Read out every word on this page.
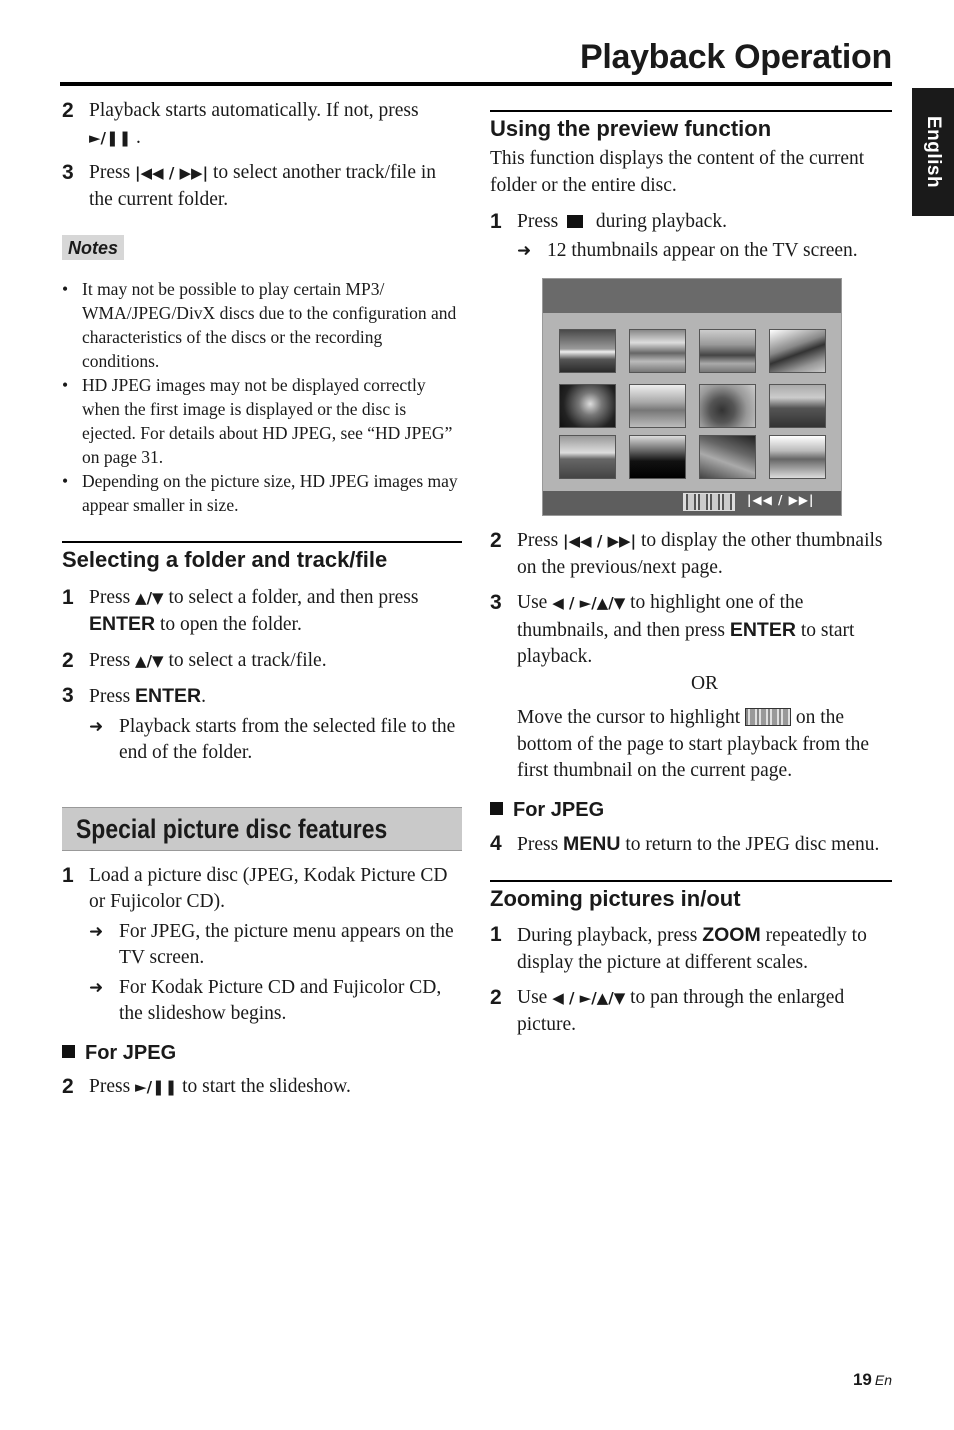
Playback Operation
English
2 Playback starts automatically. If not, press
►/❚❚ .
3 Press |◀◀ / ▶▶| to select another track/file in the current folder.
Notes
• It may not be possible to play certain MP3/ WMA/JPEG/DivX discs due to the configuration and characteristics of the discs or the recording conditions.
• HD JPEG images may not be displayed correctly when the first image is displayed or the disc is ejected. For details about HD JPEG, see “HD JPEG” on page 31.
• Depending on the picture size, HD JPEG images may appear smaller in size.
Selecting a folder and track/file
1 Press ▲/▼ to select a folder, and then press ENTER to open the folder.
2 Press ▲/▼ to select a track/file.
3 Press ENTER.
➜ Playback starts from the selected file to the end of the folder.
Special picture disc features
1 Load a picture disc (JPEG, Kodak Picture CD or Fujicolor CD).
➜ For JPEG, the picture menu appears on the TV screen.
➜ For Kodak Picture CD and Fujicolor CD, the slideshow begins.
For JPEG
2 Press ►/❚❚ to start the slideshow.
Using the preview function
This function displays the content of the current folder or the entire disc.
1 Press during playback.
➜ 12 thumbnails appear on the TV screen.
|◀◀ / ▶▶|
2 Press |◀◀ / ▶▶| to display the other thumbnails on the previous/next page.
3 Use ◀ / ►/▲/▼ to highlight one of the thumbnails, and then press ENTER to start playback.
OR
Move the cursor to highlight	on the bottom of the page to start playback from the first thumbnail on the current page.
For JPEG
4 Press MENU to return to the JPEG disc menu.
Zooming pictures in/out
1 During playback, press ZOOM repeatedly to display the picture at different scales.
2 Use ◀ / ►/▲/▼ to pan through the enlarged picture.
19 En
